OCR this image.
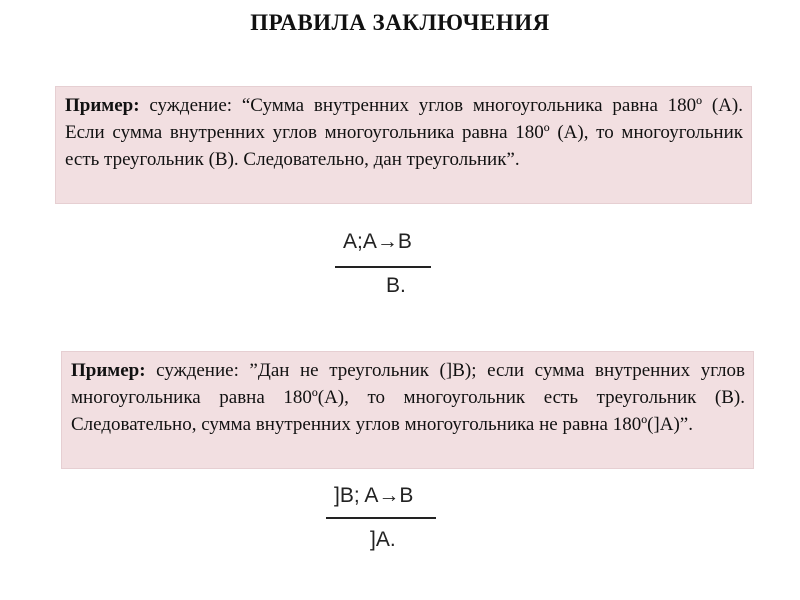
ПРАВИЛА ЗАКЛЮЧЕНИЯ
Пример: суждение: “Сумма внутренних углов многоугольника равна 180º (А). Если сумма внутренних углов многоугольника равна 180º (А), то многоугольник есть треугольник (В). Следовательно, дан треугольник”.
A;A→B
B.
Пример: суждение: ”Дан не треугольник (]В); если сумма внутренних углов многоугольника равна 180º(А), то многоугольник есть треугольник (В). Следовательно, сумма внутренних углов многоугольника не равна 180º(]А)”.
]B; A→B
]A.
